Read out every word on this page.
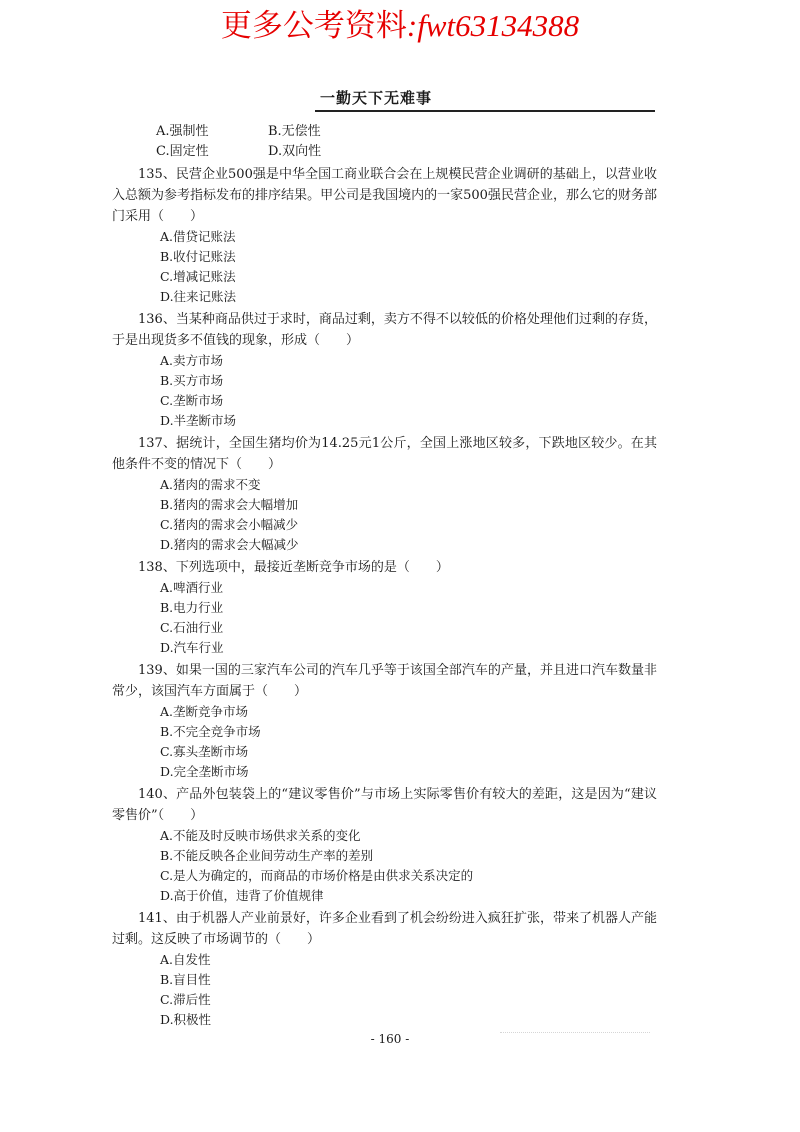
更多公考资料:fwt63134388
一勤天下无难事
A.强制性	B.无偿性
C.固定性	D.双向性

135、民营企业500强是中华全国工商业联合会在上规模民营企业调研的基础上，以营业收入总额为参考指标发布的排序结果。甲公司是我国境内的一家500强民营企业，那么它的财务部门采用（　　）

A.借贷记账法
B.收付记账法
C.增减记账法
D.往来记账法

136、当某种商品供过于求时，商品过剩，卖方不得不以较低的价格处理他们过剩的存货，于是出现货多不值钱的现象，形成（　　）

A.卖方市场
B.买方市场
C.垄断市场
D.半垄断市场

137、据统计，全国生猪均价为14.25元1公斤，全国上涨地区较多，下跌地区较少。在其他条件不变的情况下（　　）

A.猪肉的需求不变
B.猪肉的需求会大幅增加
C.猪肉的需求会小幅减少
D.猪肉的需求会大幅减少

138、下列选项中，最接近垄断竞争市场的是（　　）

A.啤酒行业
B.电力行业
C.石油行业
D.汽车行业

139、如果一国的三家汽车公司的汽车几乎等于该国全部汽车的产量，并且进口汽车数量非常少，该国汽车方面属于（　　）

A.垄断竞争市场
B.不完全竞争市场
C.寡头垄断市场
D.完全垄断市场

140、产品外包装袋上的“建议零售价”与市场上实际零售价有较大的差距，这是因为“建议零售价”（　　）

A.不能及时反映市场供求关系的变化
B.不能反映各企业间劳动生产率的差别
C.是人为确定的，而商品的市场价格是由供求关系决定的
D.高于价值，违背了价值规律

141、由于机器人产业前景好，许多企业看到了机会纷纷进入疯狂扩张，带来了机器人产能过剩。这反映了市场调节的（　　）

A.自发性
B.盲目性
C.滞后性
D.积极性
- 160 -
